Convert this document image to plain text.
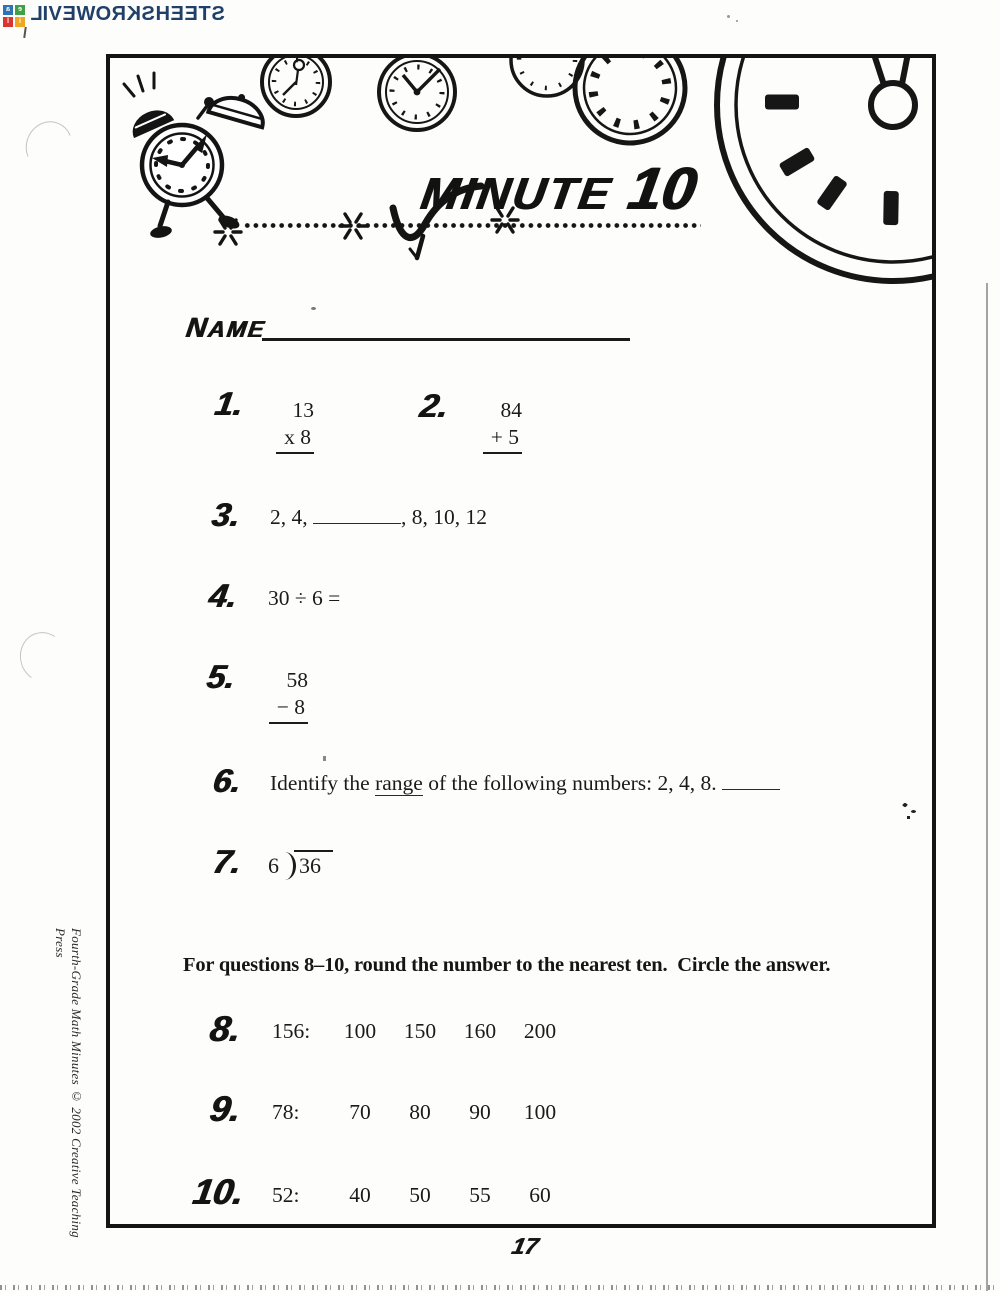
a	e
l	i LIVEWORKSHEETS
Fourth-Grade Math Minutes © 2002 Creative Teaching Press
17
MINUTE 10
NAME
1.	13
x 8
2.	84
+ 5
3. 2, 4,	, 8, 10, 12
4. 30 ÷ 6 =
5.	58
− 8
6. Identify the range of the following numbers: 2, 4, 8.
7. 6 36
For questions 8–10, round the number to the nearest ten.  Circle the answer.
8. 156:	100	150	160	200
9. 78:	70	80	90	100
10. 52:	40	50	55	60
